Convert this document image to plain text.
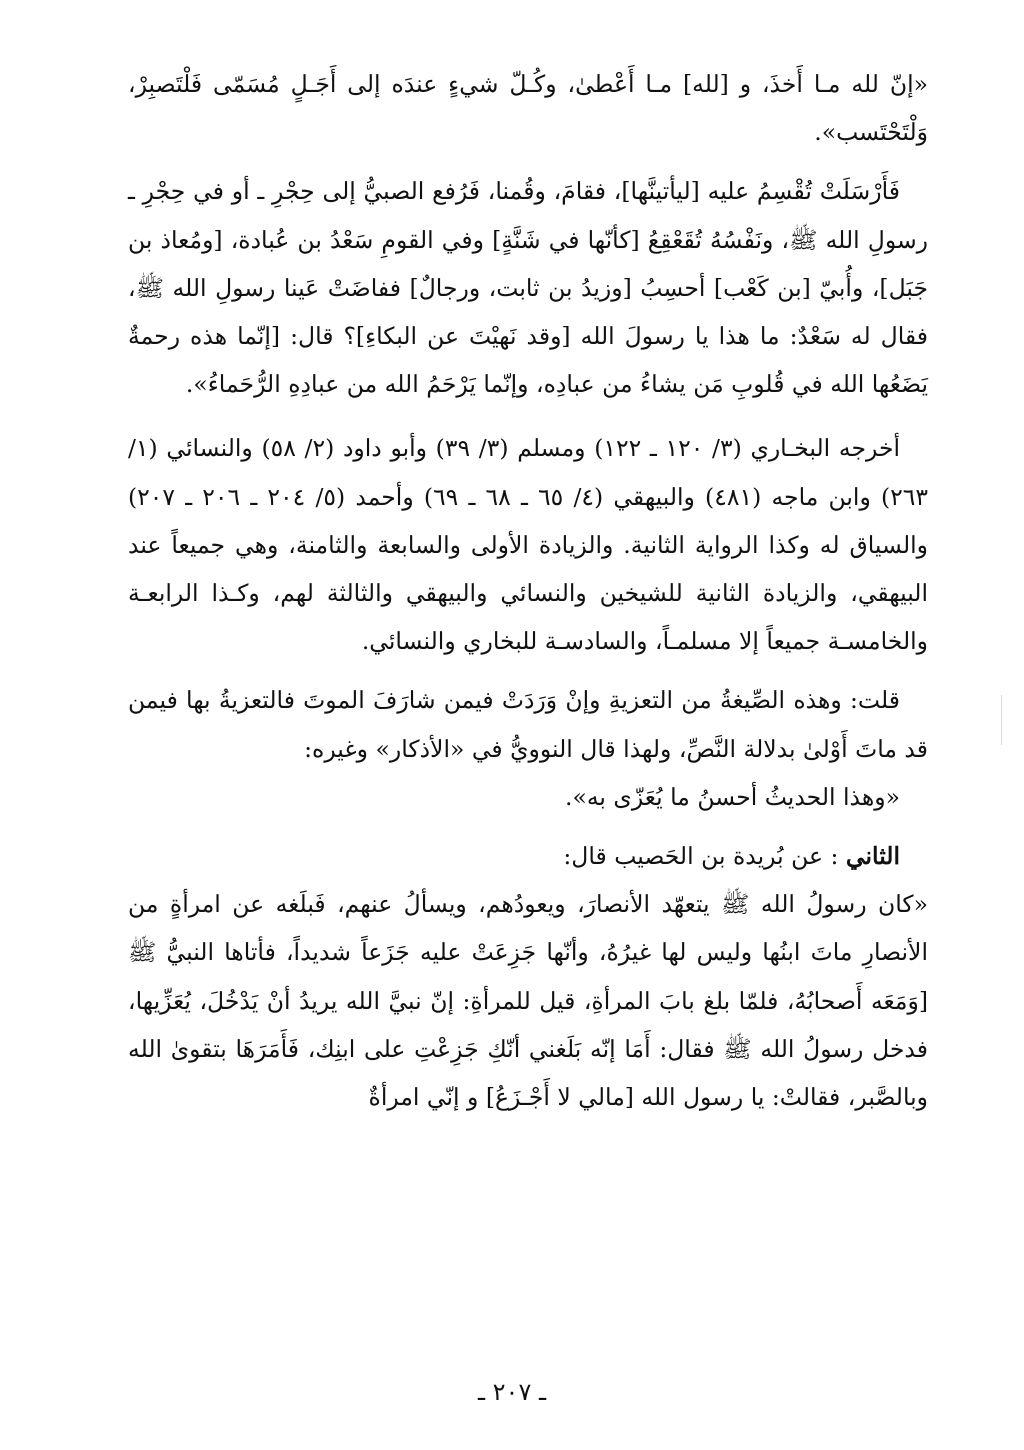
«إنّ لله مـا أَخذَ، و [لله] مـا أَعْطىٰ، وكُـلّ شيءٍ عندَه إلى أَجَـلٍ مُسَمّى فَلْتَصبِرْ، وَلْتَحْتَسب».

فَأَرْسَلَتْ تُقْسِمُ عليه [ليأتينَّها]، فقامَ، وقُمنا، فَرُفع الصبيُّ إلى حِجْرِ ـ أو في حِجْرِ ـ رسولِ الله ﷺ، ونَفْسُهُ تُقَعْقِعُ [كأنّها في شَنَّةٍ] وفي القومِ سَعْدُ بن عُبادة، [ومُعاذ بن جَبَل]، وأُبيّ [بن كَعْب] أحسِبُ [وزيدُ بن ثابت، ورجالٌ] ففاضَتْ عَينا رسولِ الله ﷺ، فقال له سَعْدٌ: ما هذا يا رسولَ الله [وقد نَهيْتَ عن البكاءِ]؟ قال: [إنّما هذه رحمةٌ يَضَعُها الله في قُلوبِ مَن يشاءُ من عبادِه، وإنّما يَرْحَمُ الله من عبادِهِ الرُّحَماءُ».

أخرجه البخـاري (٣/ ١٢٠ ـ ١٢٢) ومسلم (٣/ ٣٩) وأبو داود (٢/ ٥٨) والنسائي (١/ ٢٦٣) وابن ماجه (٤٨١) والبيهقي (٤/ ٦٥ ـ ٦٨ ـ ٦٩) وأحمد (٥/ ٢٠٤ ـ ٢٠٦ ـ ٢٠٧) والسياق له وكذا الرواية الثانية. والزيادة الأولى والسابعة والثامنة، وهي جميعاً عند البيهقي، والزيادة الثانية للشيخين والنسائي والبيهقي والثالثة لهم، وكـذا الرابعـة والخامسـة جميعاً إلا مسلمـاً، والسادسـة للبخاري والنسائي.

قلت: وهذه الصِّيغةُ من التعزيةِ وإنْ وَرَدَتْ فيمن شارَفَ الموتَ فالتعزيةُ بها فيمن قد ماتَ أَوْلىٰ بدلالة النَّصِّ، ولهذا قال النوويُّ في «الأذكار» وغيره:

«وهذا الحديثُ أحسنُ ما يُعَزّى به».

الثاني : عن بُريدة بن الحَصيب قال:

«كان رسولُ الله ﷺ يتعهّد الأنصارَ، ويعودُهم، ويسألُ عنهم، فَبلَغه عن امرأةٍ من الأنصارِ ماتَ ابنُها وليس لها غيرُهُ، وأنّها جَزِعَتْ عليه جَزَعاً شديداً، فأتاها النبيُّ ﷺ [وَمَعَه أَصحابُهُ، فلمّا بلغ بابَ المرأةِ، قيل للمرأةِ: إنّ نبيَّ الله يريدُ أنْ يَدْخُلَ، يُعَزِّيها، فدخل رسولُ الله ﷺ فقال: أَمَا إنّه بَلَغني أنّكِ جَزِعْتِ على ابنِك، فَأَمَرَهَا بتقوىٰ الله وبالصَّبر، فقالتْ: يا رسول الله [مالي لا أَجْـزَعُ] و إنّي امرأةٌ

ـ ٢٠٧ ـ
